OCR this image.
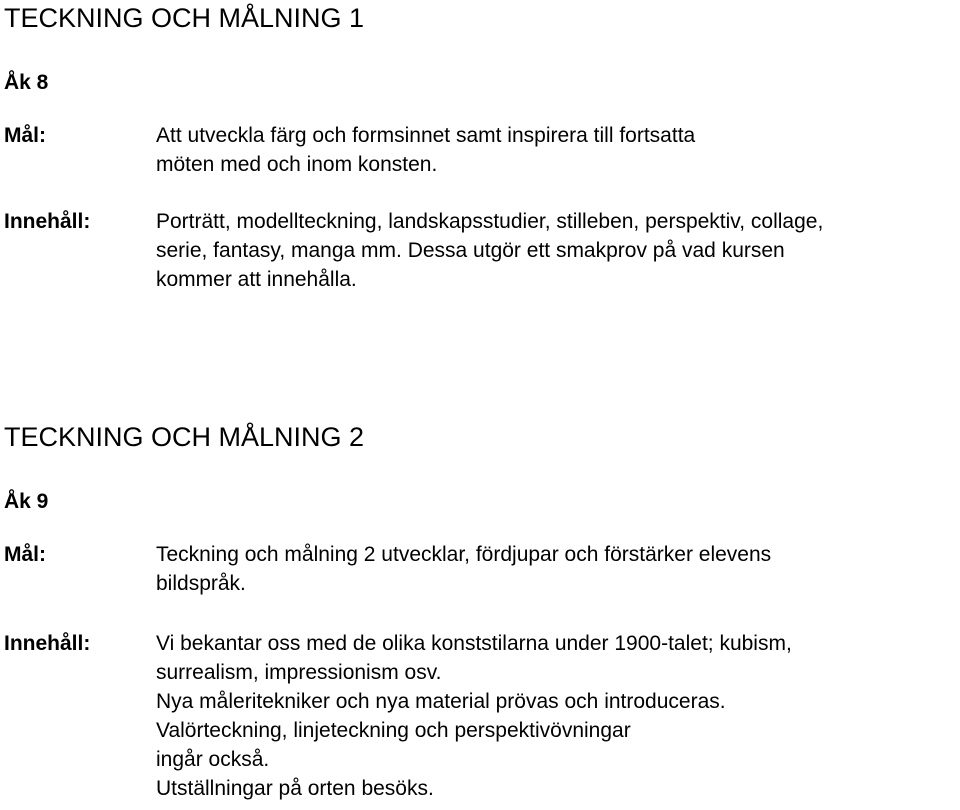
TECKNING OCH MÅLNING 1
Åk 8
Mål:	Att utveckla färg och formsinnet samt inspirera till fortsatta
möten med och inom konsten.
Innehåll:	Porträtt, modellteckning, landskapsstudier, stilleben, perspektiv, collage,
serie, fantasy, manga mm. Dessa utgör ett smakprov på vad kursen
kommer att innehålla.
TECKNING OCH MÅLNING 2
Åk 9
Mål:	Teckning och målning 2 utvecklar, fördjupar och förstärker elevens
bildspråk.
Innehåll:	Vi bekantar oss med de olika konststilarna under 1900-talet; kubism,
surrealism, impressionism osv.
Nya måleritekniker och nya material prövas och introduceras.
Valörteckning, linjeteckning och perspektivövningar
ingår också.
Utställningar på orten besöks.
